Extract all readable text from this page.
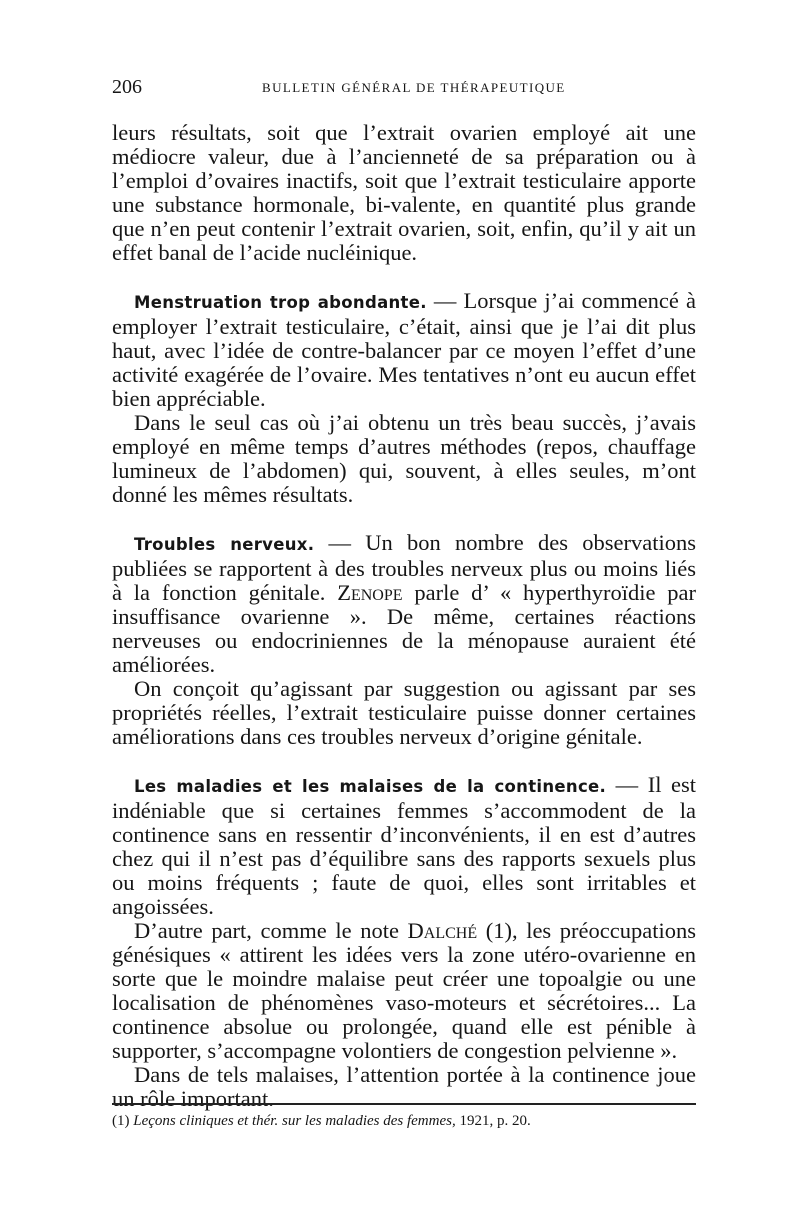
206	BULLETIN GÉNÉRAL DE THÉRAPEUTIQUE

leurs résultats, soit que l’extrait ovarien employé ait une médiocre valeur, due à l’ancienneté de sa préparation ou à l’emploi d’ovaires inactifs, soit que l’extrait testiculaire apporte une substance hormonale, bi-valente, en quantité plus grande que n’en peut contenir l’extrait ovarien, soit, enfin, qu’il y ait un effet banal de l’acide nucléinique.

Menstruation trop abondante. — Lorsque j’ai commencé à employer l’extrait testiculaire, c’était, ainsi que je l’ai dit plus haut, avec l’idée de contre-balancer par ce moyen l’effet d’une activité exagérée de l’ovaire. Mes tentatives n’ont eu aucun effet bien appréciable.

Dans le seul cas où j’ai obtenu un très beau succès, j’avais employé en même temps d’autres méthodes (repos, chauffage lumineux de l’abdomen) qui, souvent, à elles seules, m’ont donné les mêmes résultats.

Troubles nerveux. — Un bon nombre des observations publiées se rapportent à des troubles nerveux plus ou moins liés à la fonction génitale. Zenope parle d’ « hyperthyroïdie par insuffisance ovarienne ». De même, certaines réactions nerveuses ou endocriniennes de la ménopause auraient été améliorées.

On conçoit qu’agissant par suggestion ou agissant par ses propriétés réelles, l’extrait testiculaire puisse donner certaines améliorations dans ces troubles nerveux d’origine génitale.

Les maladies et les malaises de la continence. — Il est indéniable que si certaines femmes s’accommodent de la continence sans en ressentir d’inconvénients, il en est d’autres chez qui il n’est pas d’équilibre sans des rapports sexuels plus ou moins fréquents ; faute de quoi, elles sont irritables et angoissées.

D’autre part, comme le note Dalché (1), les préoccupations génésiques « attirent les idées vers la zone utéro-ovarienne en sorte que le moindre malaise peut créer une topoalgie ou une localisation de phénomènes vaso-moteurs et sécrétoires... La continence absolue ou prolongée, quand elle est pénible à supporter, s’accompagne volontiers de congestion pelvienne ».

Dans de tels malaises, l’attention portée à la continence joue un rôle important.

(1) Leçons cliniques et thér. sur les maladies des femmes, 1921, p. 20.
